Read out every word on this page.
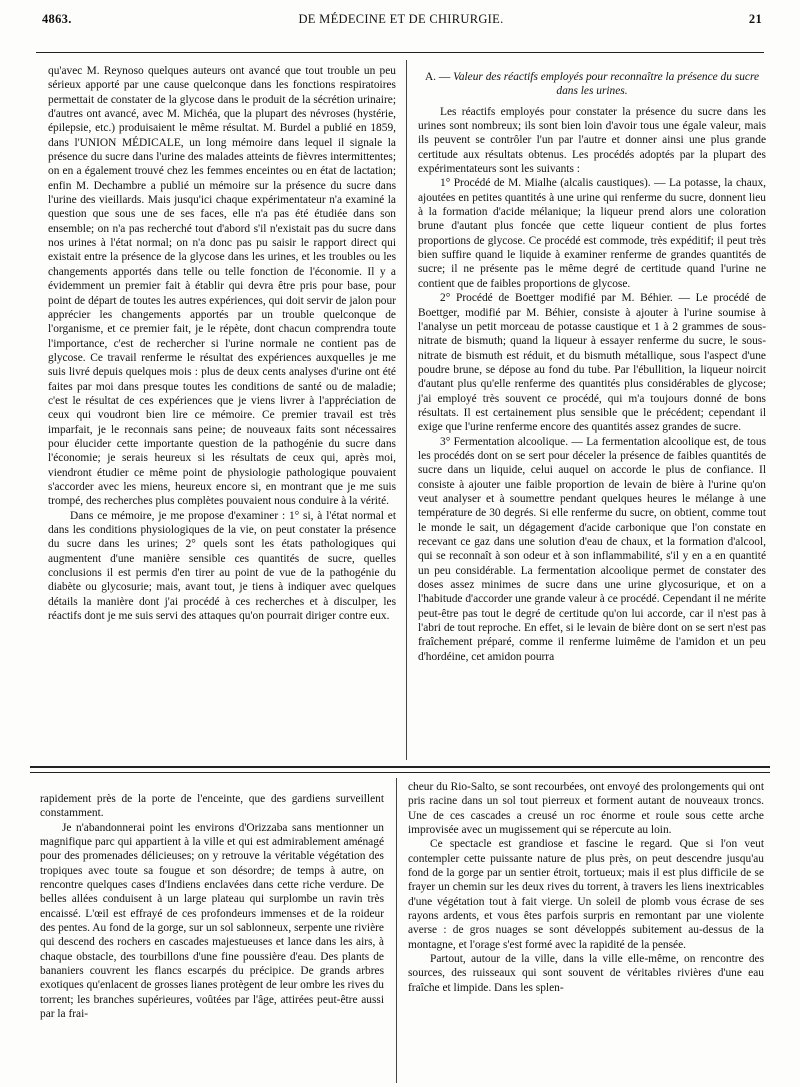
4863.	DE MÉDECINE ET DE CHIRURGIE.	21

qu'avec M. Reynoso quelques auteurs ont avancé que tout trouble un peu sérieux apporté par une cause quelconque dans les fonctions respiratoires permettait de constater de la glycose dans le produit de la sécrétion urinaire; d'autres ont avancé, avec M. Michéa, que la plupart des névroses (hystérie, épilepsie, etc.) produisaient le même résultat. M. Burdel a publié en 1859, dans l'UNION MÉDICALE, un long mémoire dans lequel il signale la présence du sucre dans l'urine des malades atteints de fièvres intermittentes; on en a également trouvé chez les femmes enceintes ou en état de lactation; enfin M. Dechambre a publié un mémoire sur la présence du sucre dans l'urine des vieillards. Mais jusqu'ici chaque expérimentateur n'a examiné la question que sous une de ses faces, elle n'a pas été étudiée dans son ensemble; on n'a pas recherché tout d'abord s'il n'existait pas du sucre dans nos urines à l'état normal; on n'a donc pas pu saisir le rapport direct qui existait entre la présence de la glycose dans les urines, et les troubles ou les changements apportés dans telle ou telle fonction de l'économie. Il y a évidemment un premier fait à établir qui devra être pris pour base, pour point de départ de toutes les autres expériences, qui doit servir de jalon pour apprécier les changements apportés par un trouble quelconque de l'organisme, et ce premier fait, je le répète, dont chacun comprendra toute l'importance, c'est de rechercher si l'urine normale ne contient pas de glycose. Ce travail renferme le résultat des expériences auxquelles je me suis livré depuis quelques mois : plus de deux cents analyses d'urine ont été faites par moi dans presque toutes les conditions de santé ou de maladie; c'est le résultat de ces expériences que je viens livrer à l'appréciation de ceux qui voudront bien lire ce mémoire. Ce premier travail est très imparfait, je le reconnais sans peine; de nouveaux faits sont nécessaires pour élucider cette importante question de la pathogénie du sucre dans l'économie; je serais heureux si les résultats de ceux qui, après moi, viendront étudier ce même point de physiologie pathologique pouvaient s'accorder avec les miens, heureux encore si, en montrant que je me suis trompé, des recherches plus complètes pouvaient nous conduire à la vérité.

Dans ce mémoire, je me propose d'examiner : 1° si, à l'état normal et dans les conditions physiologiques de la vie, on peut constater la présence du sucre dans les urines; 2° quels sont les états pathologiques qui augmentent d'une manière sensible ces quantités de sucre, quelles conclusions il est permis d'en tirer au point de vue de la pathogénie du diabète ou glycosurie; mais, avant tout, je tiens à indiquer avec quelques détails la manière dont j'ai procédé à ces recherches et à disculper, les réactifs dont je me suis servi des attaques qu'on pourrait diriger contre eux.

A. — Valeur des réactifs employés pour reconnaître la présence du sucre dans les urines.

Les réactifs employés pour constater la présence du sucre dans les urines sont nombreux; ils sont bien loin d'avoir tous une égale valeur, mais ils peuvent se contrôler l'un par l'autre et donner ainsi une plus grande certitude aux résultats obtenus. Les procédés adoptés par la plupart des expérimentateurs sont les suivants :

1° Procédé de M. Mialhe (alcalis caustiques). — La potasse, la chaux, ajoutées en petites quantités à une urine qui renferme du sucre, donnent lieu à la formation d'acide mélanique; la liqueur prend alors une coloration brune d'autant plus foncée que cette liqueur contient de plus fortes proportions de glycose. Ce procédé est commode, très expéditif; il peut très bien suffire quand le liquide à examiner renferme de grandes quantités de sucre; il ne présente pas le même degré de certitude quand l'urine ne contient que de faibles proportions de glycose.

2° Procédé de Boettger modifié par M. Béhier. — Le procédé de Boettger, modifié par M. Béhier, consiste à ajouter à l'urine soumise à l'analyse un petit morceau de potasse caustique et 1 à 2 grammes de sous-nitrate de bismuth; quand la liqueur à essayer renferme du sucre, le sous-nitrate de bismuth est réduit, et du bismuth métallique, sous l'aspect d'une poudre brune, se dépose au fond du tube. Par l'ébullition, la liqueur noircit d'autant plus qu'elle renferme des quantités plus considérables de glycose; j'ai employé très souvent ce procédé, qui m'a toujours donné de bons résultats. Il est certainement plus sensible que le précédent; cependant il exige que l'urine renferme encore des quantités assez grandes de sucre.

3° Fermentation alcoolique. — La fermentation alcoolique est, de tous les procédés dont on se sert pour déceler la présence de faibles quantités de sucre dans un liquide, celui auquel on accorde le plus de confiance. Il consiste à ajouter une faible proportion de levain de bière à l'urine qu'on veut analyser et à soumettre pendant quelques heures le mélange à une température de 30 degrés. Si elle renferme du sucre, on obtient, comme tout le monde le sait, un dégagement d'acide carbonique que l'on constate en recevant ce gaz dans une solution d'eau de chaux, et la formation d'alcool, qui se reconnaît à son odeur et à son inflammabilité, s'il y en a en quantité un peu considérable. La fermentation alcoolique permet de constater des doses assez minimes de sucre dans une urine glycosurique, et on a l'habitude d'accorder une grande valeur à ce procédé. Cependant il ne mérite peut-être pas tout le degré de certitude qu'on lui accorde, car il n'est pas à l'abri de tout reproche. En effet, si le levain de bière dont on se sert n'est pas fraîchement préparé, comme il renferme luimême de l'amidon et un peu d'hordéine, cet amidon pourra

rapidement près de la porte de l'enceinte, que des gardiens surveillent constamment.

Je n'abandonnerai point les environs d'Orizzaba sans mentionner un magnifique parc qui appartient à la ville et qui est admirablement aménagé pour des promenades délicieuses; on y retrouve la véritable végétation des tropiques avec toute sa fougue et son désordre; de temps à autre, on rencontre quelques cases d'Indiens enclavées dans cette riche verdure. De belles allées conduisent à un large plateau qui surplombe un ravin très encaissé. L'œil est effrayé de ces profondeurs immenses et de la roideur des pentes. Au fond de la gorge, sur un sol sablonneux, serpente une rivière qui descend des rochers en cascades majestueuses et lance dans les airs, à chaque obstacle, des tourbillons d'une fine poussière d'eau. Des plants de bananiers couvrent les flancs escarpés du précipice. De grands arbres exotiques qu'enlacent de grosses lianes protègent de leur ombre les rives du torrent; les branches supérieures, voûtées par l'âge, attirées peut-être aussi par la frai-

cheur du Rio-Salto, se sont recourbées, ont envoyé des prolongements qui ont pris racine dans un sol tout pierreux et forment autant de nouveaux troncs. Une de ces cascades a creusé un roc énorme et roule sous cette arche improvisée avec un mugissement qui se répercute au loin.

Ce spectacle est grandiose et fascine le regard. Que si l'on veut contempler cette puissante nature de plus près, on peut descendre jusqu'au fond de la gorge par un sentier étroit, tortueux; mais il est plus difficile de se frayer un chemin sur les deux rives du torrent, à travers les liens inextricables d'une végétation tout à fait vierge. Un soleil de plomb vous écrase de ses rayons ardents, et vous êtes parfois surpris en remontant par une violente averse : de gros nuages se sont développés subitement au-dessus de la montagne, et l'orage s'est formé avec la rapidité de la pensée.

Partout, autour de la ville, dans la ville elle-même, on rencontre des sources, des ruisseaux qui sont souvent de véritables rivières d'une eau fraîche et limpide. Dans les splen-
